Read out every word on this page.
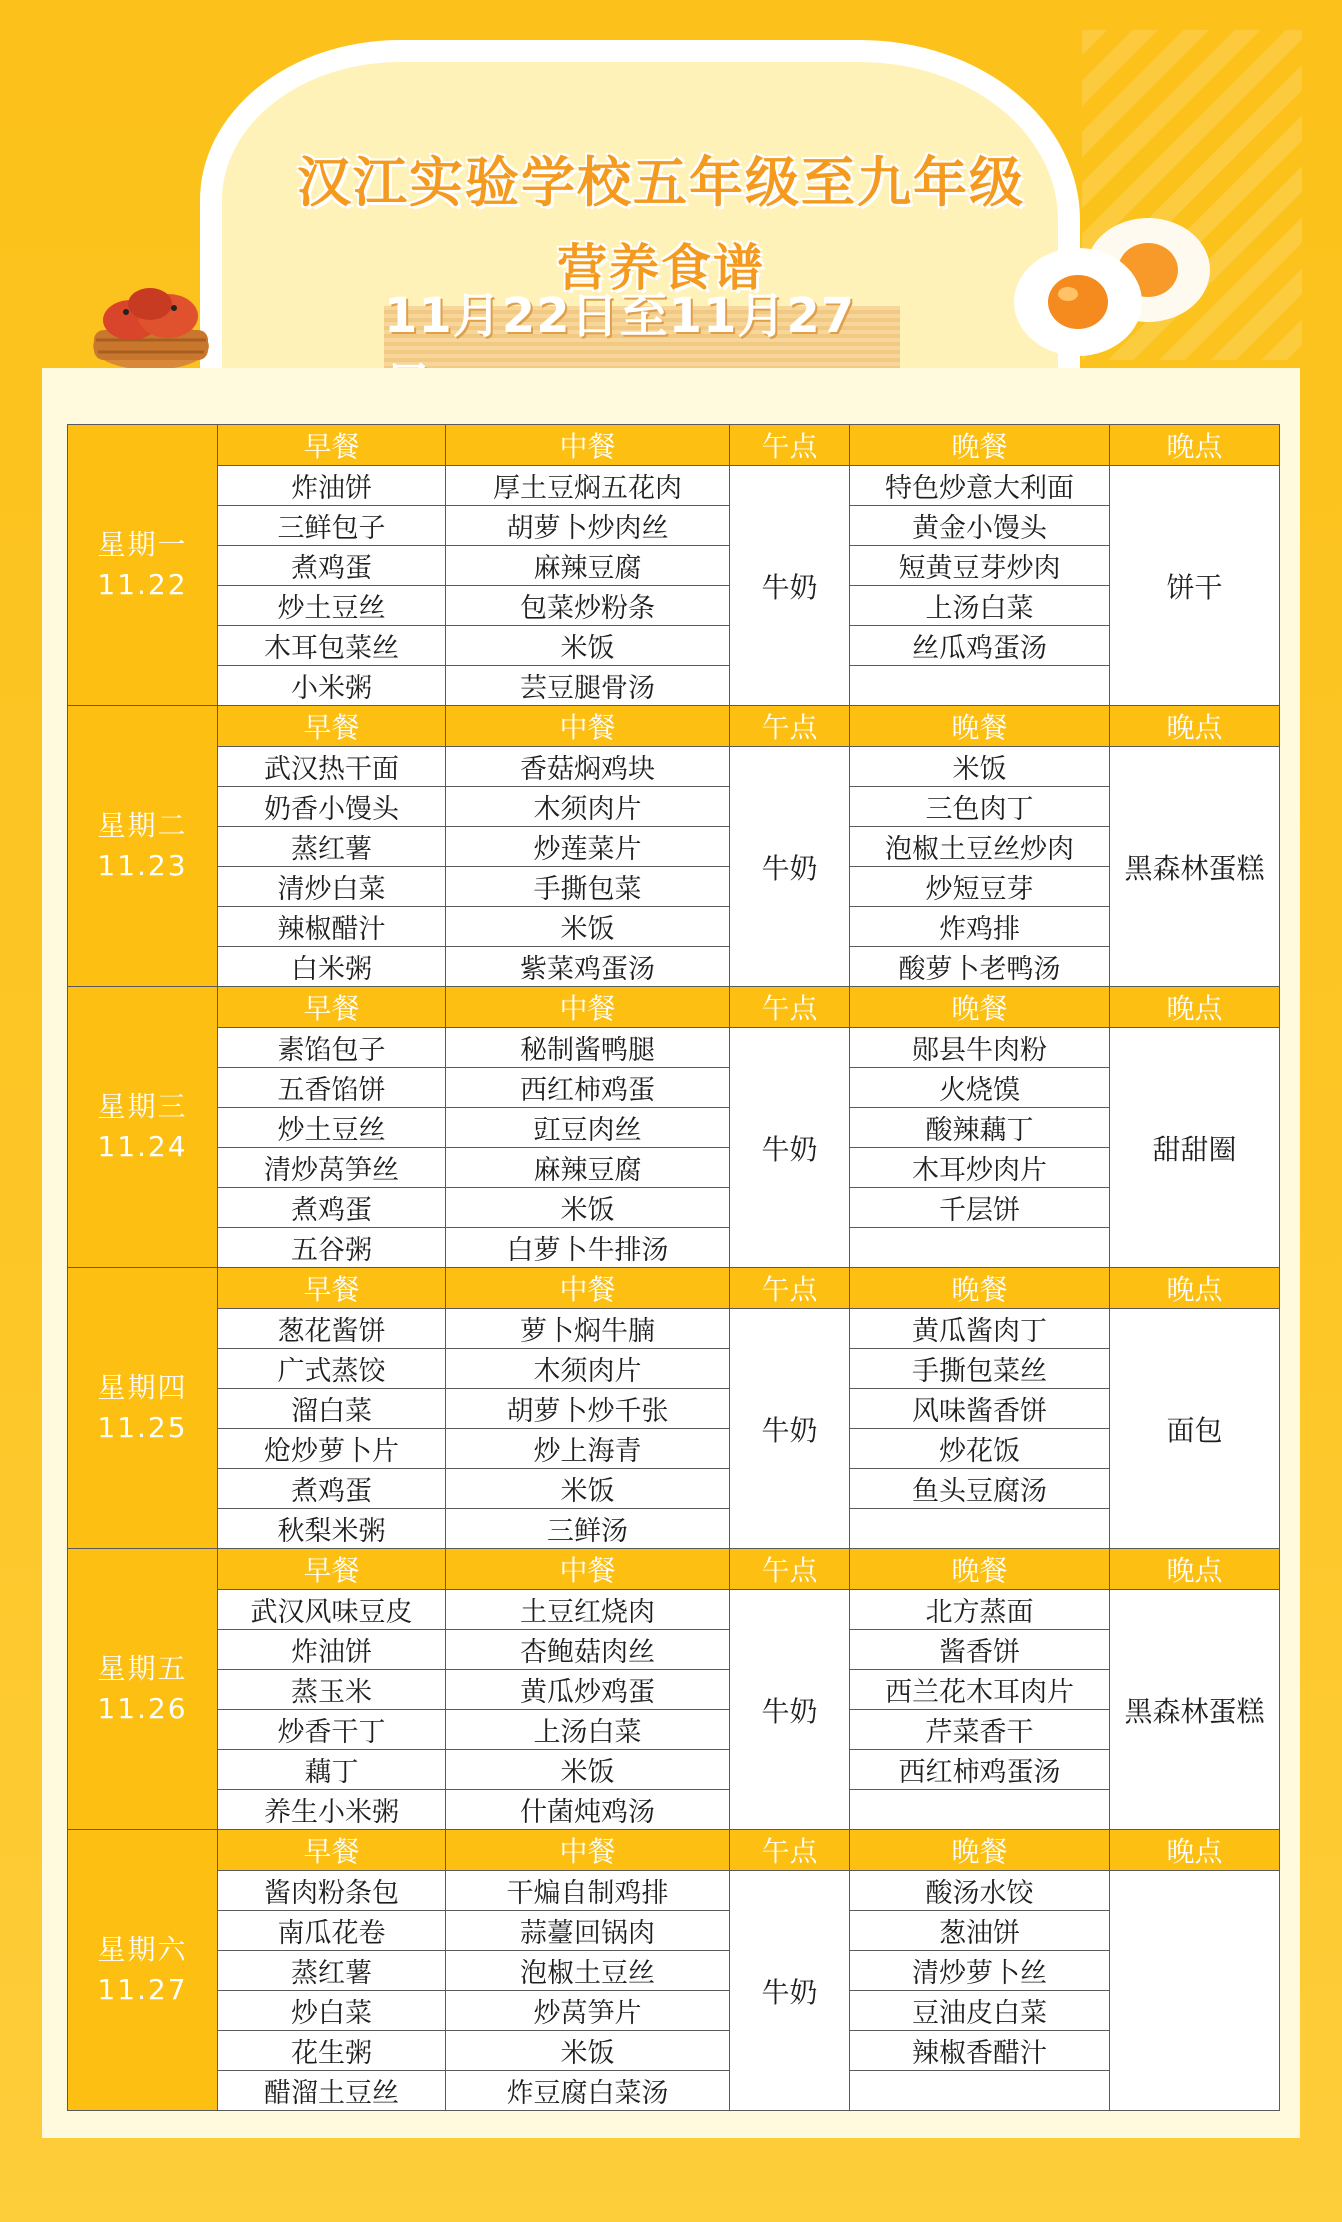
汉江实验学校五年级至九年级
营养食谱
11月22日至11月27
星期一
11.22	早餐	中餐	午点	晚餐	晚点
	炸油饼	厚土豆焖五花肉	牛奶	特色炒意大利面	饼干
	三鲜包子	胡萝卜炒肉丝		黄金小馒头	
	煮鸡蛋	麻辣豆腐		短黄豆芽炒肉	
	炒土豆丝	包菜炒粉条		上汤白菜	
	木耳包菜丝	米饭		丝瓜鸡蛋汤	
	小米粥	芸豆腿骨汤			

星期二
11.23	早餐	中餐	午点	晚餐	晚点
	武汉热干面	香菇焖鸡块	牛奶	米饭	黑森林蛋糕
	奶香小馒头	木须肉片		三色肉丁	
	蒸红薯	炒莲菜片		泡椒土豆丝炒肉	
	清炒白菜	手撕包菜		炒短豆芽	
	辣椒醋汁	米饭		炸鸡排	
	白米粥	紫菜鸡蛋汤		酸萝卜老鸭汤	

星期三
11.24	早餐	中餐	午点	晚餐	晚点
	素馅包子	秘制酱鸭腿	牛奶	郧县牛肉粉	甜甜圈
	五香馅饼	西红柿鸡蛋		火烧馍	
	炒土豆丝	豇豆肉丝		酸辣藕丁	
	清炒莴笋丝	麻辣豆腐		木耳炒肉片	
	煮鸡蛋	米饭		千层饼	
	五谷粥	白萝卜牛排汤			

星期四
11.25	早餐	中餐	午点	晚餐	晚点
	葱花酱饼	萝卜焖牛腩	牛奶	黄瓜酱肉丁	面包
	广式蒸饺	木须肉片		手撕包菜丝	
	溜白菜	胡萝卜炒千张		风味酱香饼	
	炝炒萝卜片	炒上海青		炒花饭	
	煮鸡蛋	米饭		鱼头豆腐汤	
	秋梨米粥	三鲜汤			

星期五
11.26	早餐	中餐	午点	晚餐	晚点
	武汉风味豆皮	土豆红烧肉	牛奶	北方蒸面	黑森林蛋糕
	炸油饼	杏鲍菇肉丝		酱香饼	
	蒸玉米	黄瓜炒鸡蛋		西兰花木耳肉片	
	炒香干丁	上汤白菜		芹菜香干	
	藕丁	米饭		西红柿鸡蛋汤	
	养生小米粥	什菌炖鸡汤			

星期六
11.27	早餐	中餐	午点	晚餐	晚点
	酱肉粉条包	干煸自制鸡排	牛奶	酸汤水饺	
	南瓜花卷	蒜薹回锅肉		葱油饼	
	蒸红薯	泡椒土豆丝		清炒萝卜丝	
	炒白菜	炒莴笋片		豆油皮白菜	
	花生粥	米饭		辣椒香醋汁	
	醋溜土豆丝	炸豆腐白菜汤			
